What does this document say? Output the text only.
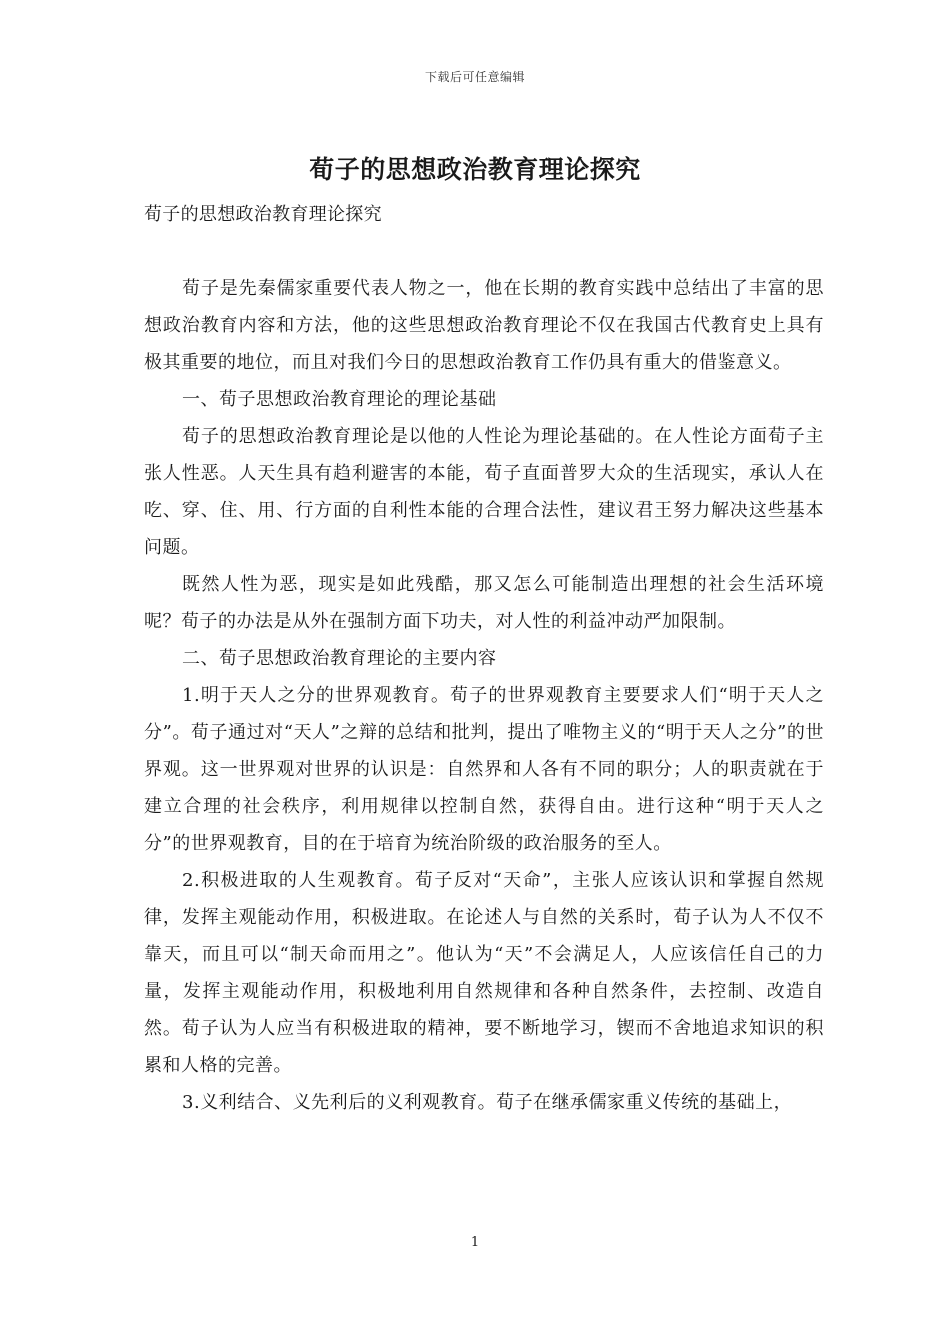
下载后可任意编辑
荀子的思想政治教育理论探究
荀子的思想政治教育理论探究

荀子是先秦儒家重要代表人物之一，他在长期的教育实践中总结出了丰富的思想政治教育内容和方法，他的这些思想政治教育理论不仅在我国古代教育史上具有极其重要的地位，而且对我们今日的思想政治教育工作仍具有重大的借鉴意义。

一、荀子思想政治教育理论的理论基础

荀子的思想政治教育理论是以他的人性论为理论基础的。在人性论方面荀子主张人性恶。人天生具有趋利避害的本能，荀子直面普罗大众的生活现实，承认人在吃、穿、住、用、行方面的自利性本能的合理合法性，建议君王努力解决这些基本问题。

既然人性为恶，现实是如此残酷，那又怎么可能制造出理想的社会生活环境呢？荀子的办法是从外在强制方面下功夫，对人性的利益冲动严加限制。

二、荀子思想政治教育理论的主要内容

1.明于天人之分的世界观教育。荀子的世界观教育主要要求人们“明于天人之分”。荀子通过对“天人”之辩的总结和批判，提出了唯物主义的“明于天人之分”的世界观。这一世界观对世界的认识是：自然界和人各有不同的职分；人的职责就在于建立合理的社会秩序，利用规律以控制自然，获得自由。进行这种“明于天人之分”的世界观教育，目的在于培育为统治阶级的政治服务的至人。

2.积极进取的人生观教育。荀子反对“天命”，主张人应该认识和掌握自然规律，发挥主观能动作用，积极进取。在论述人与自然的关系时，荀子认为人不仅不靠天，而且可以“制天命而用之”。他认为“天”不会满足人，人应该信任自己的力量，发挥主观能动作用，积极地利用自然规律和各种自然条件，去控制、改造自然。荀子认为人应当有积极进取的精神，要不断地学习，锲而不舍地追求知识的积累和人格的完善。

3.义利结合、义先利后的义利观教育。荀子在继承儒家重义传统的基础上，

1
